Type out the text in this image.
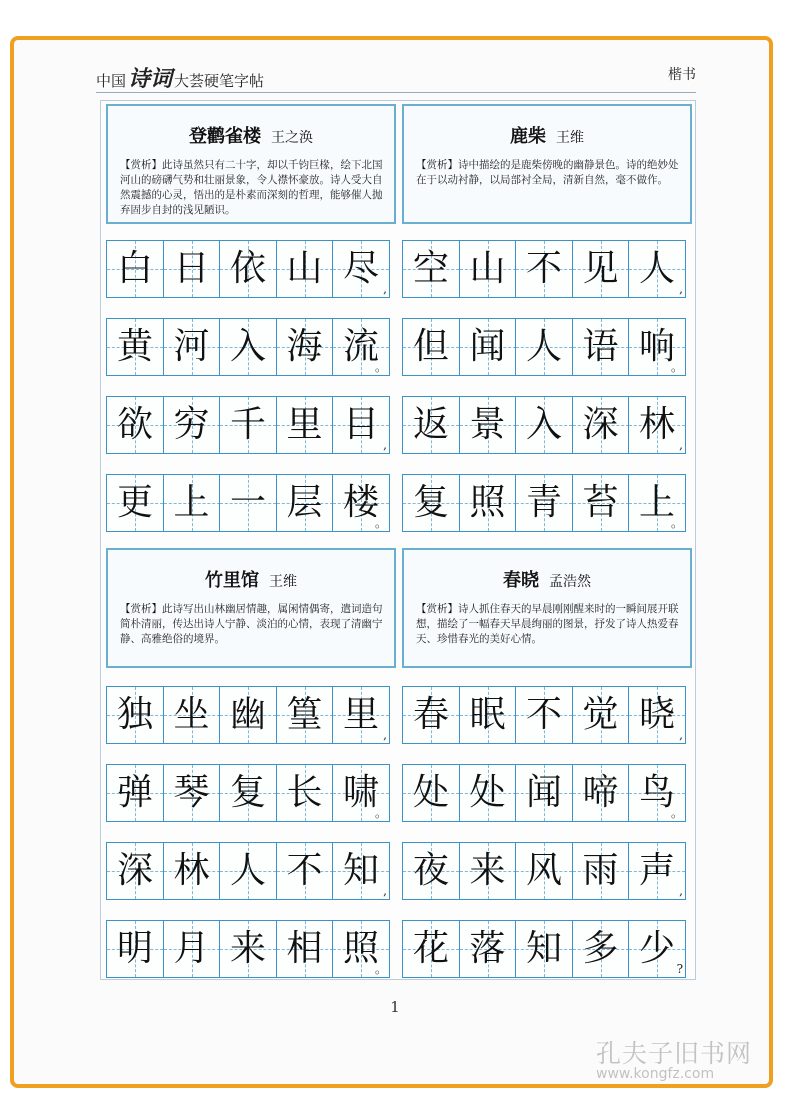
中国诗词 大荟硬笔字帖	楷书
登鹳雀楼 王之涣
【赏析】此诗虽然只有二十字，却以千钧巨椽，绘下北国河山的磅礴气势和壮丽景象，令人襟怀豪放。诗人受大自然震撼的心灵，悟出的是朴素而深刻的哲理，能够催人抛弃固步自封的浅见陋识。
鹿柴 王维
【赏析】诗中描绘的是鹿柴傍晚的幽静景色。诗的绝妙处在于以动衬静，以局部衬全局，清新自然，毫不做作。
竹里馆 王维
【赏析】此诗写出山林幽居情趣，属闲情偶寄，遣词造句简朴清丽，传达出诗人宁静、淡泊的心情，表现了清幽宁静、高雅绝俗的境界。
春晓 孟浩然
【赏析】诗人抓住春天的早晨刚刚醒来时的一瞬间展开联想，描绘了一幅春天早晨绚丽的图景，抒发了诗人热爱春天、珍惜春光的美好心情。
白 日 依 山 尽 ,
黄 河 入 海 流
。
欲 穷 千 里 目 ,
更 上 一 层 楼
。
空 山 不 见 人 ,
但 闻 人 语 响
。
返 景 入 深 林 ,
复 照 青 苔 上
。
独 坐 幽 篁 里 ,
弹 琴 复 长 啸
。
深 林 人 不 知 ,
明 月 来 相 照
。
春 眠 不 觉 晓 ,
处 处 闻 啼 鸟
。
夜 来 风 雨 声 ,
花 落 知 多 少 ?
1
孔夫子旧书网
www.kongfz.com
